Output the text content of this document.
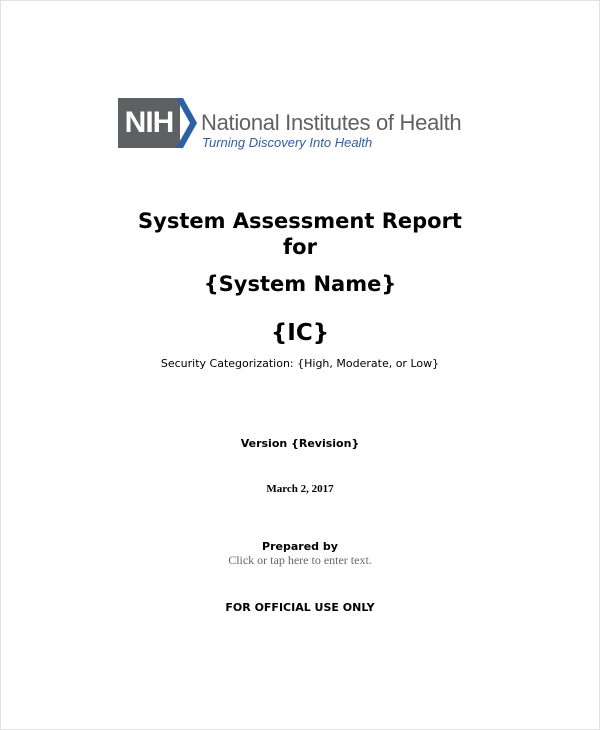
NIH	National Institutes of Health
Turning Discovery Into Health
System Assessment Report
for
{System Name}
{IC}
Security Categorization: {High, Moderate, or Low}
Version {Revision}
March 2, 2017
Prepared by
Click or tap here to enter text.
FOR OFFICIAL USE ONLY
